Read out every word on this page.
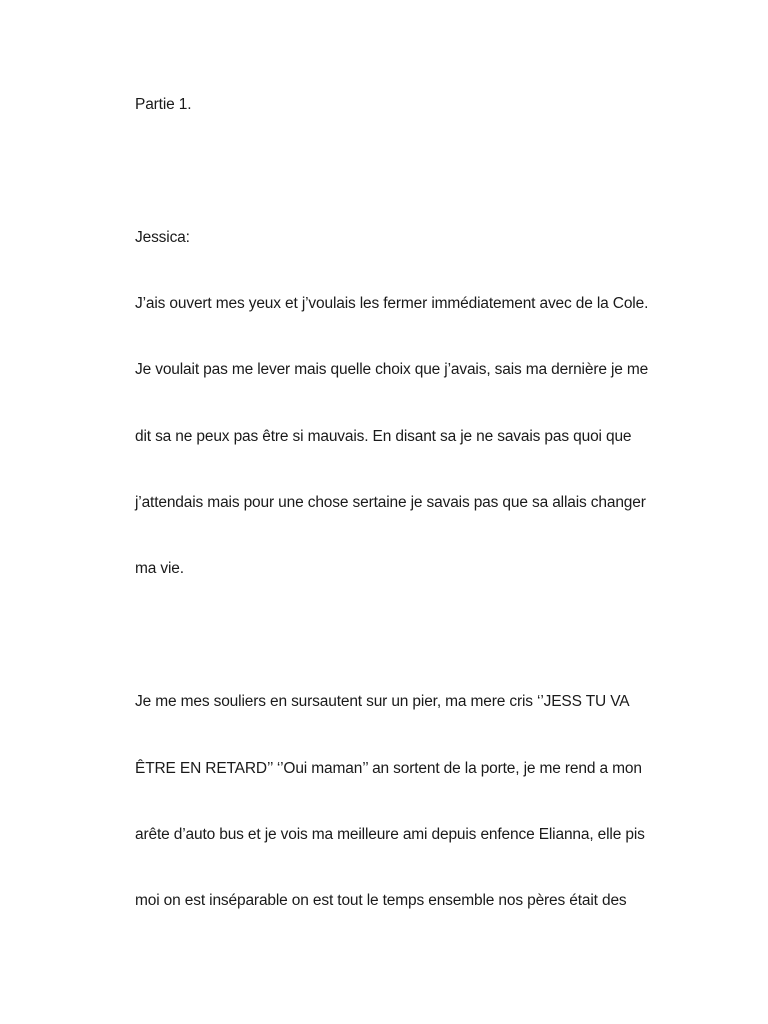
Partie 1.

Jessica:

J’ais ouvert mes yeux et j’voulais les fermer immédiatement avec de la Cole.

Je voulait pas me lever mais quelle choix que j’avais, sais ma dernière je me

dit sa ne peux pas être si mauvais. En disant sa je ne savais pas quoi que

j’attendais mais pour une chose sertaine je savais pas que sa allais changer

ma vie.

Je me mes souliers en sursautent sur un pier, ma mere cris ‘’JESS TU VA

ÊTRE EN RETARD’’ ‘’Oui maman’’ an sortent de la porte, je me rend a mon

arête d’auto bus et je vois ma meilleure ami depuis enfence Elianna, elle pis

moi on est inséparable on est tout le temps ensemble nos pères était des
